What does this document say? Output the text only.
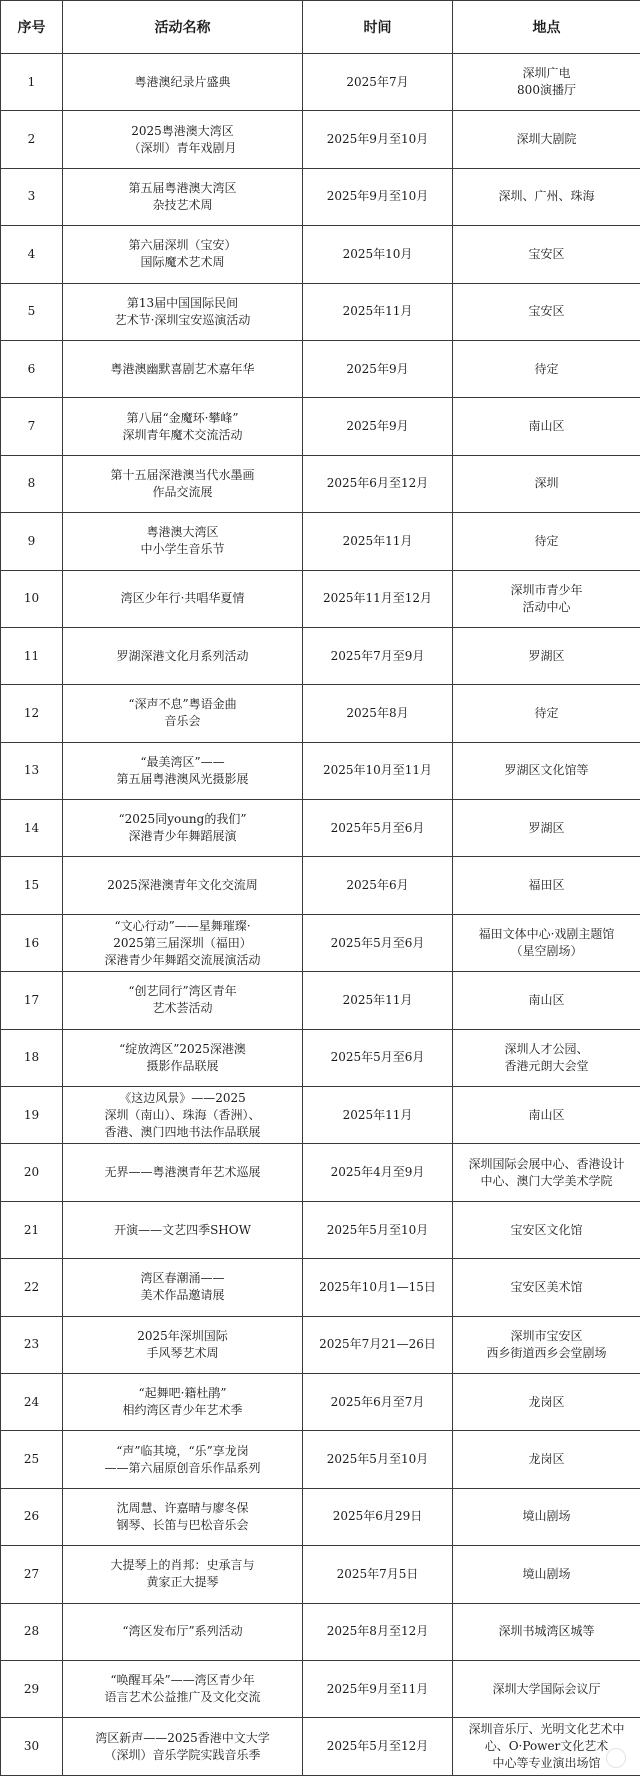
序号	活动名称	时间	地点
1	粤港澳纪录片盛典	2025年7月	深圳广电
800演播厅

2	2025粤港澳大湾区
（深圳）青年戏剧月	2025年9月至10月	深圳大剧院

3	第五届粤港澳大湾区
杂技艺术周	2025年9月至10月	深圳、广州、珠海

4	第六届深圳（宝安）
国际魔术艺术周	2025年10月	宝安区

5	第13届中国国际民间
艺术节·深圳宝安巡演活动	2025年11月	宝安区

6	粤港澳幽默喜剧艺术嘉年华	2025年9月	待定

7	第八届“金魔环·攀峰”
深圳青年魔术交流活动	2025年9月	南山区

8	第十五届深港澳当代水墨画
作品交流展	2025年6月至12月	深圳

9	粤港澳大湾区
中小学生音乐节	2025年11月	待定

10	湾区少年行·共唱华夏情	2025年11月至12月	深圳市青少年
活动中心

11	罗湖深港文化月系列活动	2025年7月至9月	罗湖区

12	“深声不息”粤语金曲
音乐会	2025年8月	待定

13	“最美湾区”——
第五届粤港澳风光摄影展	2025年10月至11月	罗湖区文化馆等

14	“2025同young的我们”
深港青少年舞蹈展演	2025年5月至6月	罗湖区

15	2025深港澳青年文化交流周	2025年6月	福田区

16	“文心行动”——星舞璀璨·
2025第三届深圳（福田）
深港青少年舞蹈交流展演活动	2025年5月至6月	福田文体中心·戏剧主题馆
（星空剧场）

17	“创艺同行”湾区青年
艺术荟活动	2025年11月	南山区

18	“绽放湾区”2025深港澳
摄影作品联展	2025年5月至6月	深圳人才公园、
香港元朗大会堂

19	《这边风景》——2025
深圳（南山）、珠海（香洲）、
香港、澳门四地书法作品联展	2025年11月	南山区

20	无界——粤港澳青年艺术巡展	2025年4月至9月	深圳国际会展中心、香港设计
中心、澳门大学美术学院

21	开演——文艺四季SHOW	2025年5月至10月	宝安区文化馆

22	湾区春潮涌——
美术作品邀请展	2025年10月1—15日	宝安区美术馆

23	2025年深圳国际
手风琴艺术周	2025年7月21—26日	深圳市宝安区
西乡街道西乡会堂剧场

24	“起舞吧·籍杜鹃”
相约湾区青少年艺术季	2025年6月至7月	龙岗区

25	“声”临其境，“乐”享龙岗
——第六届原创音乐作品系列	2025年5月至10月	龙岗区

26	沈周慧、许嘉晴与廖冬保
钢琴、长笛与巴松音乐会	2025年6月29日	境山剧场

27	大提琴上的肖邦：史承言与
黄家正大提琴	2025年7月5日	境山剧场

28	“湾区发布厅”系列活动	2025年8月至12月	深圳书城湾区城等

29	“唤醒耳朵”——湾区青少年
语言艺术公益推广及文化交流	2025年9月至11月	深圳大学国际会议厅

30	湾区新声——2025香港中文大学
（深圳）音乐学院实践音乐季	2025年5月至12月	深圳音乐厅、光明文化艺术中
心、O·Power文化艺术
中心等专业演出场馆
